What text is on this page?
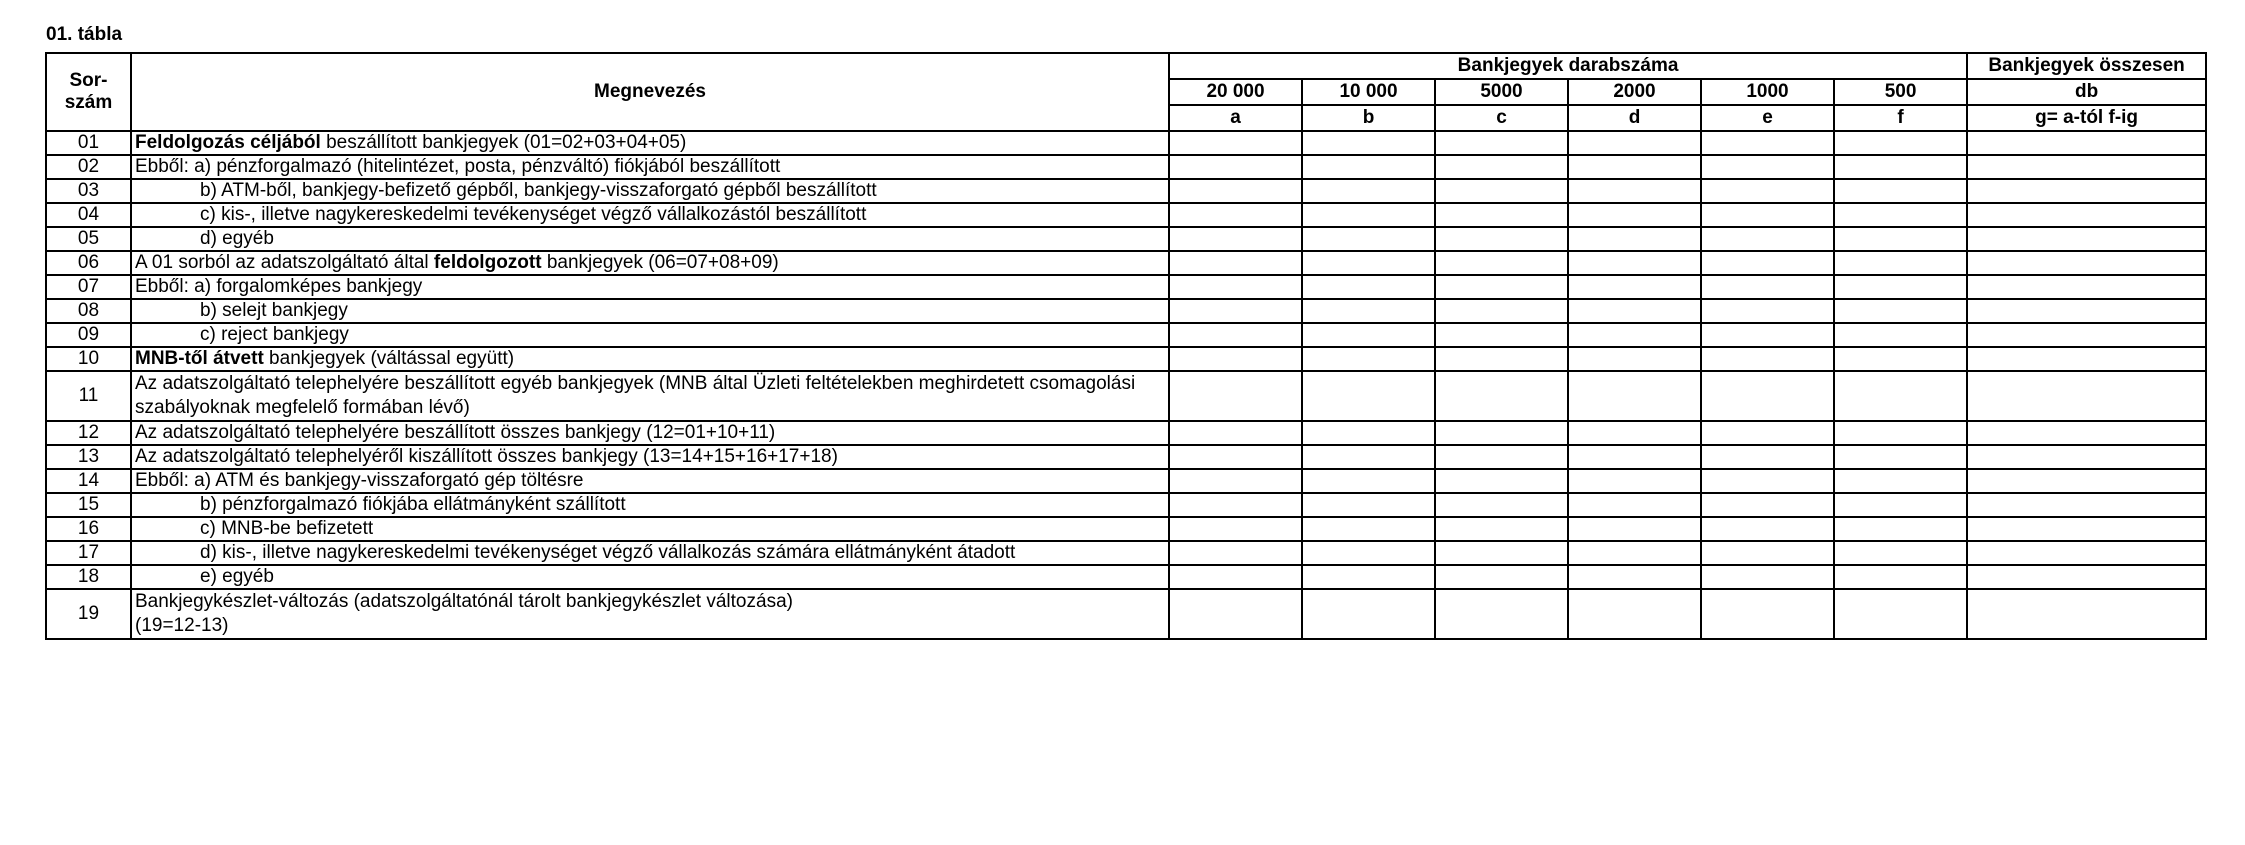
01. tábla
Sor-
szám	Megnevezés	Bankjegyek darabszáma						Bankjegyek összesen
		20 000	10 000	5000	2000	1000	500	db
		a	b	c	d	e	f	g= a-tól f-ig
01	Feldolgozás céljából beszállított bankjegyek (01=02+03+04+05)							
02	Ebből: a) pénzforgalmazó (hitelintézet, posta, pénzváltó) fiókjából beszállított							
03	b) ATM-ből, bankjegy-befizető gépből, bankjegy-visszaforgató gépből beszállított							
04	c) kis-, illetve nagykereskedelmi tevékenységet végző vállalkozástól beszállított							
05	d) egyéb							
06	A 01 sorból az adatszolgáltató által feldolgozott bankjegyek (06=07+08+09)							
07	Ebből: a) forgalomképes bankjegy							
08	b) selejt bankjegy							
09	c) reject bankjegy							
10	MNB-től átvett bankjegyek (váltással együtt)							
11	Az adatszolgáltató telephelyére beszállított egyéb bankjegyek (MNB által Üzleti feltételekben meghirdetett csomagolási szabályoknak megfelelő formában lévő)							
12	Az adatszolgáltató telephelyére beszállított összes bankjegy (12=01+10+11)							
13	Az adatszolgáltató telephelyéről kiszállított összes bankjegy (13=14+15+16+17+18)							
14	Ebből: a) ATM és bankjegy-visszaforgató gép töltésre							
15	b) pénzforgalmazó fiókjába ellátmányként szállított							
16	c) MNB-be befizetett							
17	d) kis-, illetve nagykereskedelmi tevékenységet végző vállalkozás számára ellátmányként átadott							
18	e) egyéb							
19	Bankjegykészlet-változás (adatszolgáltatónál tárolt bankjegykészlet változása)
(19=12-13)							
